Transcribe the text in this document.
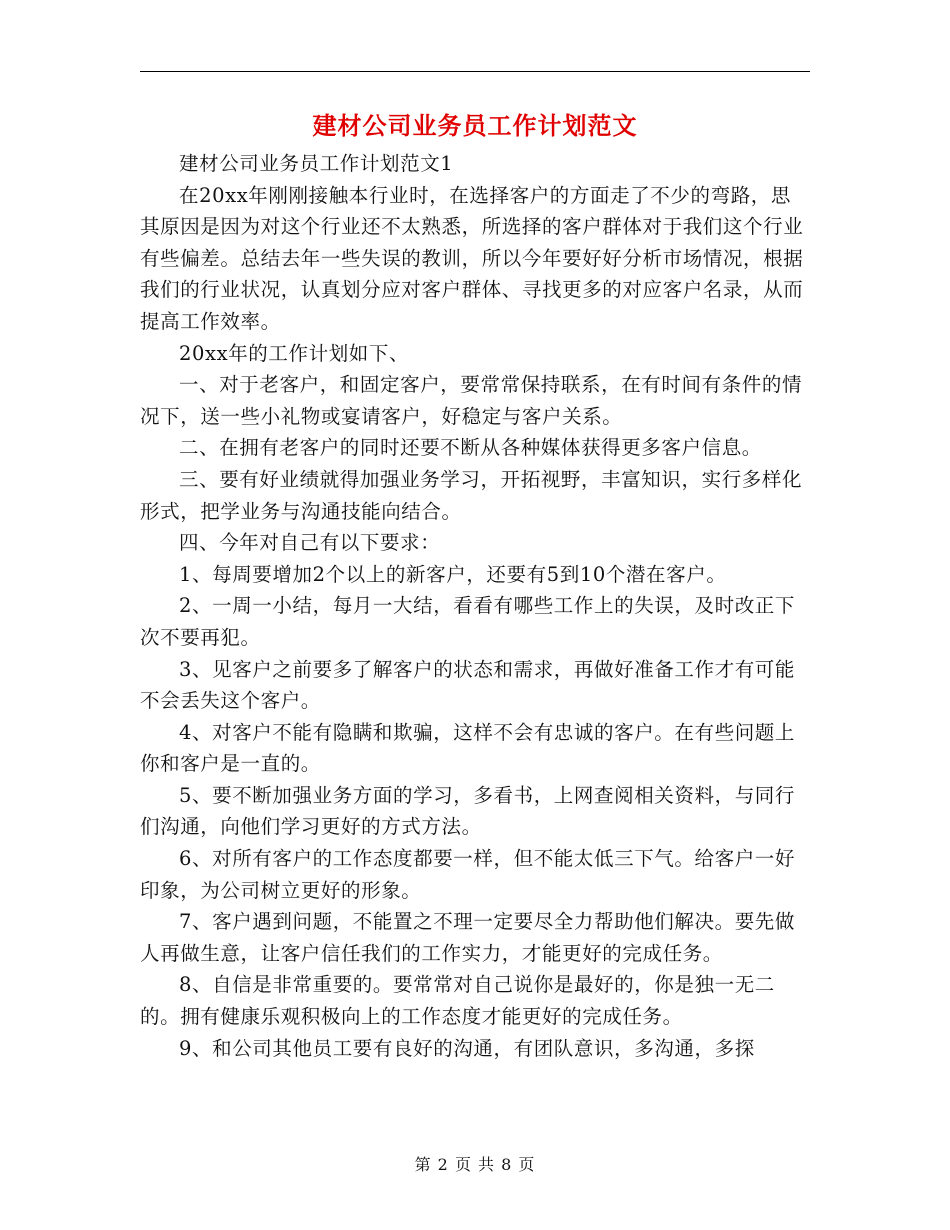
建材公司业务员工作计划范文

建材公司业务员工作计划范文1

在20xx年刚刚接触本行业时，在选择客户的方面走了不少的弯路，思其原因是因为对这个行业还不太熟悉，所选择的客户群体对于我们这个行业有些偏差。总结去年一些失误的教训，所以今年要好好分析市场情况，根据我们的行业状况，认真划分应对客户群体、寻找更多的对应客户名录，从而提高工作效率。

20xx年的工作计划如下、

一、对于老客户，和固定客户，要常常保持联系，在有时间有条件的情况下，送一些小礼物或宴请客户，好稳定与客户关系。

二、在拥有老客户的同时还要不断从各种媒体获得更多客户信息。

三、要有好业绩就得加强业务学习，开拓视野，丰富知识，实行多样化形式，把学业务与沟通技能向结合。

四、今年对自己有以下要求：

1、每周要增加2个以上的新客户，还要有5到10个潜在客户。

2、一周一小结，每月一大结，看看有哪些工作上的失误，及时改正下次不要再犯。

3、见客户之前要多了解客户的状态和需求，再做好准备工作才有可能不会丢失这个客户。

4、对客户不能有隐瞒和欺骗，这样不会有忠诚的客户。在有些问题上你和客户是一直的。

5、要不断加强业务方面的学习，多看书，上网查阅相关资料，与同行们沟通，向他们学习更好的方式方法。

6、对所有客户的工作态度都要一样，但不能太低三下气。给客户一好印象，为公司树立更好的形象。

7、客户遇到问题，不能置之不理一定要尽全力帮助他们解决。要先做人再做生意，让客户信任我们的工作实力，才能更好的完成任务。

8、自信是非常重要的。要常常对自己说你是最好的，你是独一无二的。拥有健康乐观积极向上的工作态度才能更好的完成任务。

9、和公司其他员工要有良好的沟通，有团队意识，多沟通，多探

第 2 页 共 8 页
